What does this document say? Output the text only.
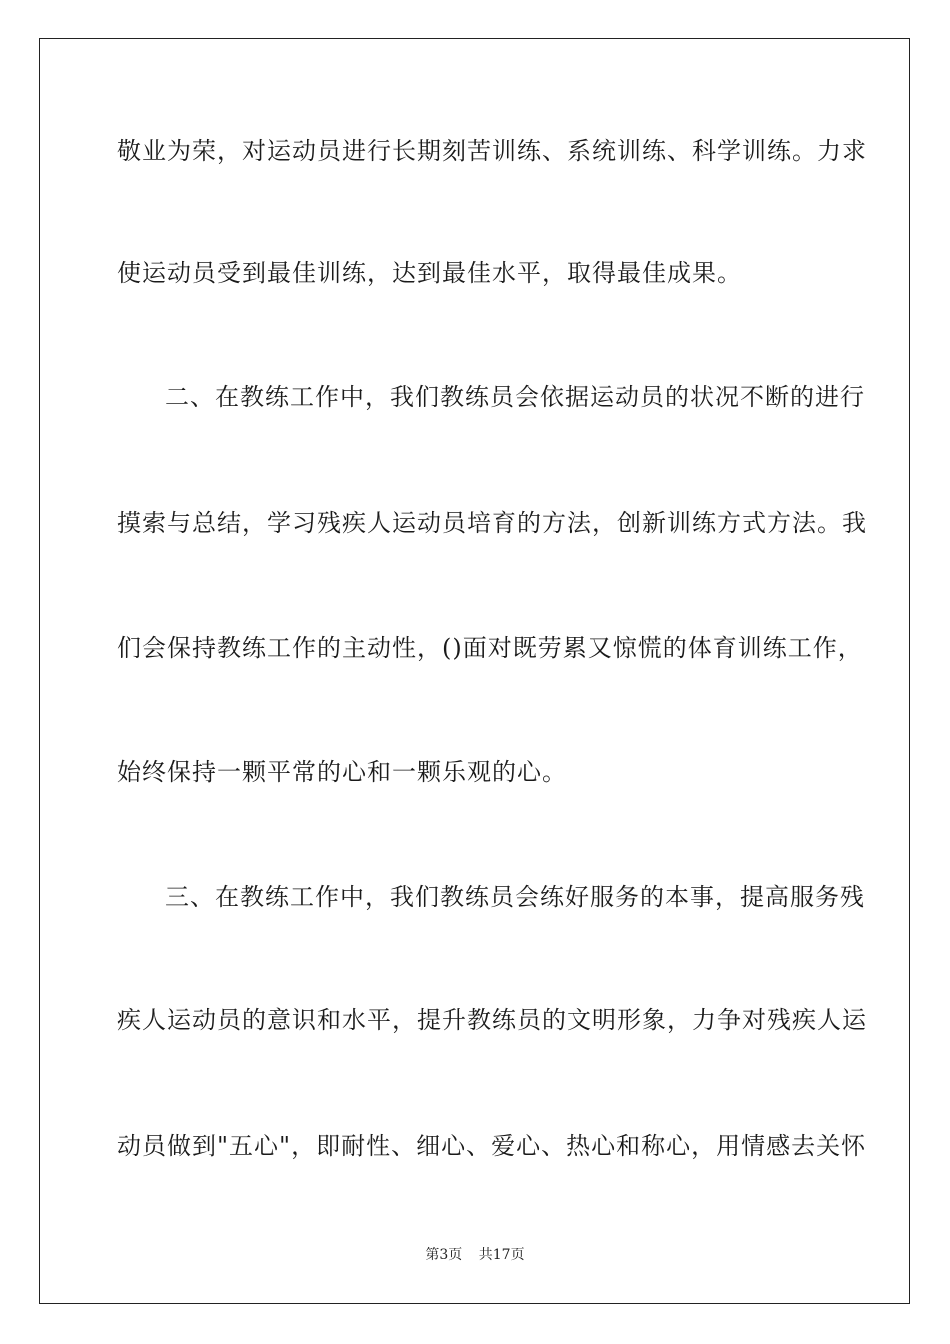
敬业为荣，对运动员进行长期刻苦训练、系统训练、科学训练。力求
使运动员受到最佳训练，达到最佳水平，取得最佳成果。
二、在教练工作中，我们教练员会依据运动员的状况不断的进行
摸索与总结，学习残疾人运动员培育的方法，创新训练方式方法。我
们会保持教练工作的主动性，()面对既劳累又惊慌的体育训练工作，
始终保持一颗平常的心和一颗乐观的心。
三、在教练工作中，我们教练员会练好服务的本事，提高服务残
疾人运动员的意识和水平，提升教练员的文明形象，力争对残疾人运
动员做到"五心"，即耐性、细心、爱心、热心和称心，用情感去关怀
第3页 共17页
